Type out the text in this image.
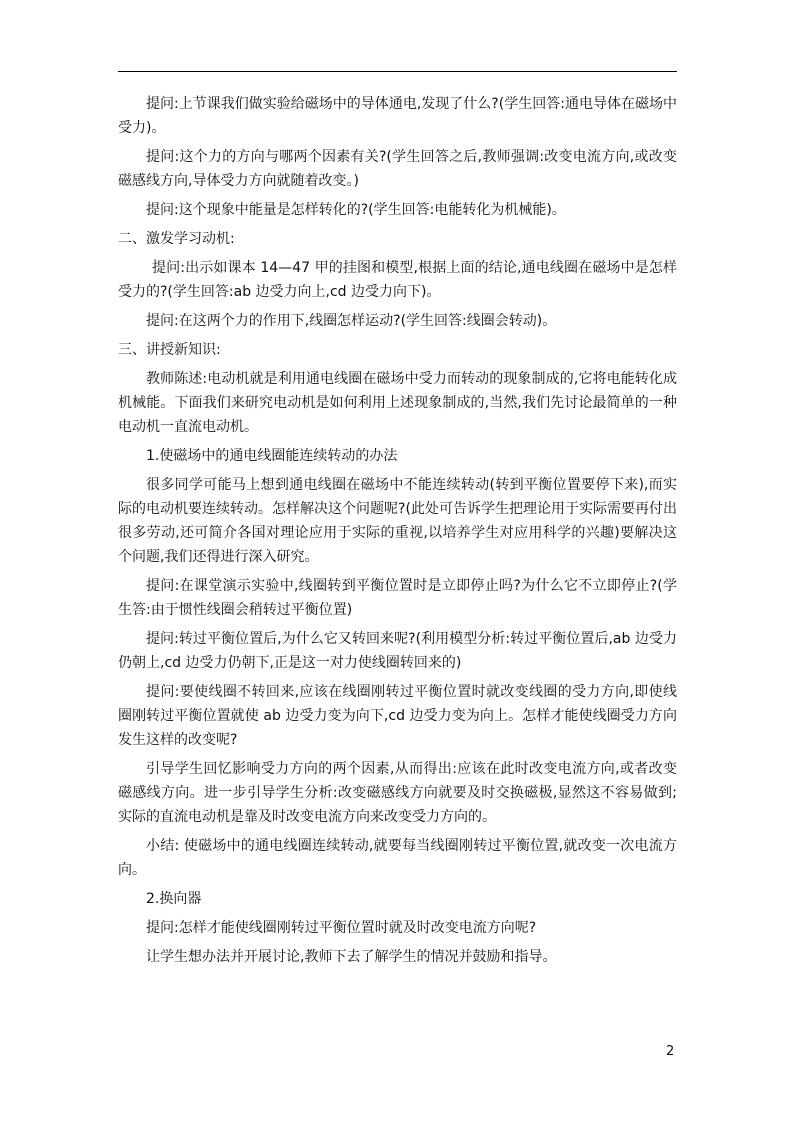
提问:上节课我们做实验给磁场中的导体通电,发现了什么?(学生回答:通电导体在磁场中受力)。

提问:这个力的方向与哪两个因素有关?(学生回答之后,教师强调:改变电流方向,或改变磁感线方向,导体受力方向就随着改变。)

提问:这个现象中能量是怎样转化的?(学生回答:电能转化为机械能)。

二、激发学习动机:

提问:出示如课本 14—47 甲的挂图和模型,根据上面的结论,通电线圈在磁场中是怎样受力的?(学生回答:ab 边受力向上,cd 边受力向下)。

提问:在这两个力的作用下,线圈怎样运动?(学生回答:线圈会转动)。

三、讲授新知识:

教师陈述:电动机就是利用通电线圈在磁场中受力而转动的现象制成的,它将电能转化成机械能。下面我们来研究电动机是如何利用上述现象制成的,当然,我们先讨论最简单的一种电动机一直流电动机。

1.使磁场中的通电线圈能连续转动的办法

很多同学可能马上想到通电线圈在磁场中不能连续转动(转到平衡位置要停下来),而实际的电动机要连续转动。怎样解决这个问题呢?(此处可告诉学生把理论用于实际需要再付出很多劳动,还可简介各国对理论应用于实际的重视,以培养学生对应用科学的兴趣)要解决这个问题,我们还得进行深入研究。

提问:在课堂演示实验中,线圈转到平衡位置时是立即停止吗?为什么它不立即停止?(学生答:由于惯性线圈会稍转过平衡位置)

提问:转过平衡位置后,为什么它又转回来呢?(利用模型分析:转过平衡位置后,ab 边受力仍朝上,cd 边受力仍朝下,正是这一对力使线圈转回来的)

提问:要使线圈不转回来,应该在线圈刚转过平衡位置时就改变线圈的受力方向,即使线圈刚转过平衡位置就使 ab 边受力变为向下,cd 边受力变为向上。怎样才能使线圈受力方向发生这样的改变呢?

引导学生回忆影响受力方向的两个因素,从而得出:应该在此时改变电流方向,或者改变磁感线方向。进一步引导学生分析:改变磁感线方向就要及时交换磁极,显然这不容易做到;实际的直流电动机是靠及时改变电流方向来改变受力方向的。

小结: 使磁场中的通电线圈连续转动,就要每当线圈刚转过平衡位置,就改变一次电流方向。

2.换向器

提问:怎样才能使线圈刚转过平衡位置时就及时改变电流方向呢?

让学生想办法并开展讨论,教师下去了解学生的情况并鼓励和指导。

2
